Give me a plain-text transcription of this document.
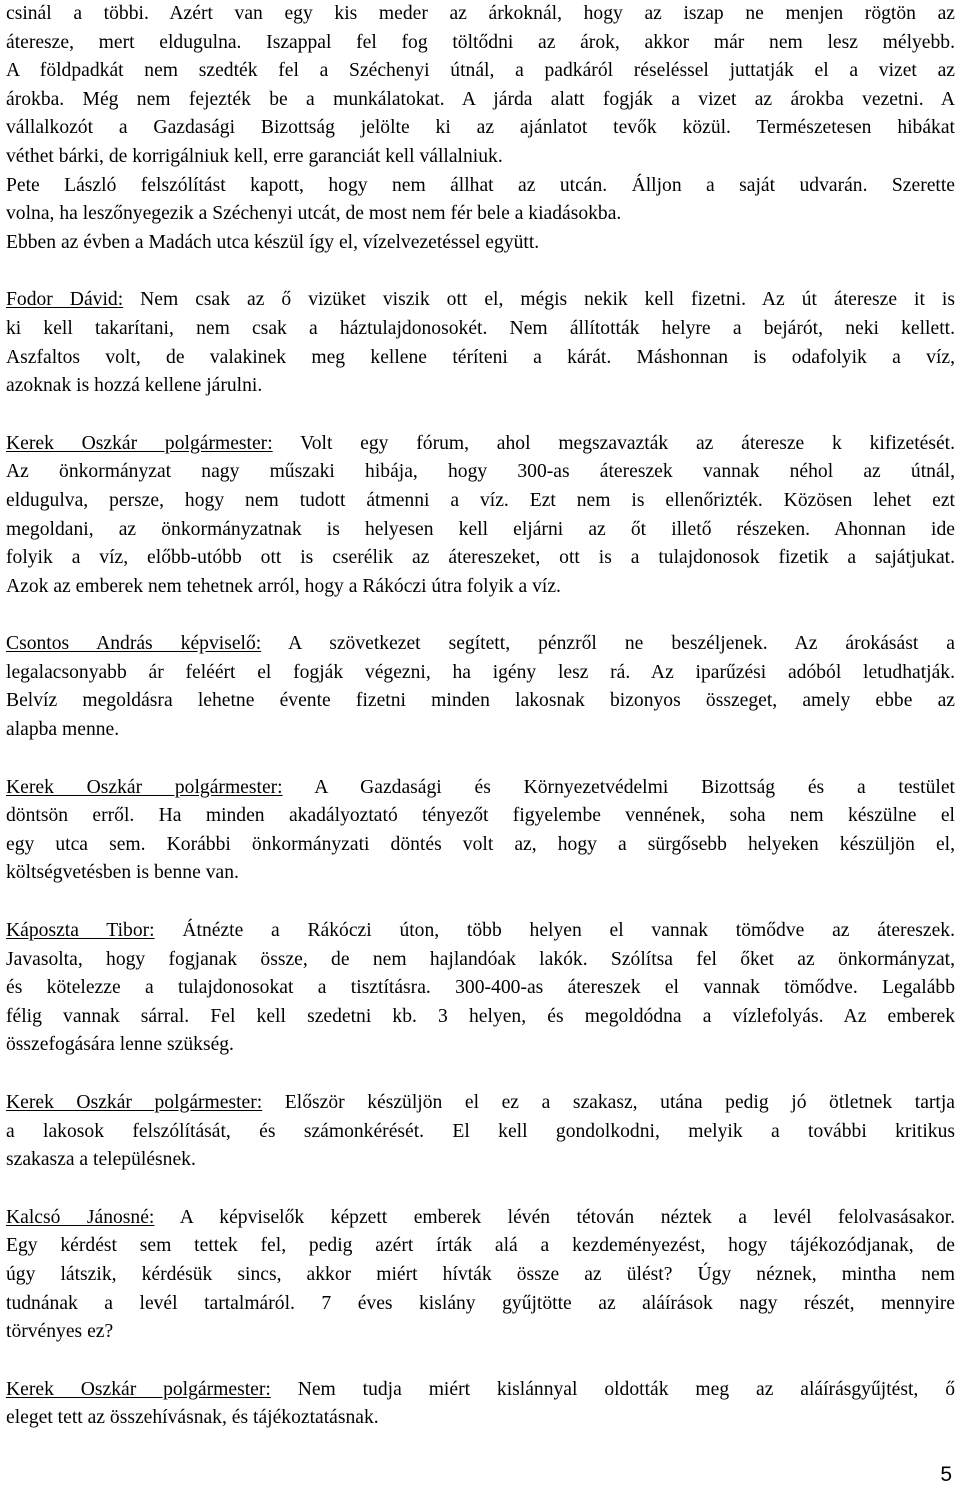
csinál a többi. Azért van egy kis meder az árkoknál, hogy az iszap ne menjen rögtön az
áteresze, mert eldugulna. Iszappal fel fog töltődni az árok, akkor már nem lesz mélyebb.
A földpadkát nem szedték fel a Széchenyi útnál, a padkáról réseléssel juttatják el a vizet az
árokba. Még nem fejezték be a munkálatokat. A járda alatt fogják a vizet az árokba vezetni. A
vállalkozót a Gazdasági Bizottság jelölte ki az ajánlatot tevők közül. Természetesen hibákat
véthet bárki, de korrigálniuk kell, erre garanciát kell vállalniuk.
Pete László felszólítást kapott, hogy nem állhat az utcán. Álljon a saját udvarán. Szerette
volna, ha leszőnyegezik a Széchenyi utcát, de most nem fér bele a kiadásokba.
Ebben az évben a Madách utca készül így el, vízelvezetéssel együtt.
Fodor Dávid: Nem csak az ő vizüket viszik ott el, mégis nekik kell fizetni. Az út áteresze it is
ki kell takarítani, nem csak a háztulajdonosokét. Nem állították helyre a bejárót, neki kellett.
Aszfaltos volt, de valakinek meg kellene téríteni a kárát. Máshonnan is odafolyik a víz,
azoknak is hozzá kellene járulni.
Kerek Oszkár polgármester: Volt egy fórum, ahol megszavazták az áteresze k kifizetését.
Az önkormányzat nagy műszaki hibája, hogy 300-as átereszek vannak néhol az útnál,
eldugulva, persze, hogy nem tudott átmenni a víz. Ezt nem is ellenőrizték. Közösen lehet ezt
megoldani, az önkormányzatnak is helyesen kell eljárni az őt illető részeken. Ahonnan ide
folyik a víz, előbb-utóbb ott is cserélik az átereszeket, ott is a tulajdonosok fizetik a sajátjukat.
Azok az emberek nem tehetnek arról, hogy a Rákóczi útra folyik a víz.
Csontos András képviselő: A szövetkezet segített, pénzről ne beszéljenek. Az árokásást a
legalacsonyabb ár feléért el fogják végezni, ha igény lesz rá. Az iparűzési adóból letudhatják.
Belvíz megoldásra lehetne évente fizetni minden lakosnak bizonyos összeget, amely ebbe az
alapba menne.
Kerek Oszkár polgármester: A Gazdasági és Környezetvédelmi Bizottság és a testület
döntsön erről. Ha minden akadályoztató tényezőt figyelembe vennének, soha nem készülne el
egy utca sem. Korábbi önkormányzati döntés volt az, hogy a sürgősebb helyeken készüljön el,
költségvetésben is benne van.
Káposzta Tibor: Átnézte a Rákóczi úton, több helyen el vannak tömődve az átereszek.
Javasolta, hogy fogjanak össze, de nem hajlandóak lakók. Szólítsa fel őket az önkormányzat,
és kötelezze a tulajdonosokat a tisztításra. 300-400-as átereszek el vannak tömődve. Legalább
félig vannak sárral. Fel kell szedetni kb. 3 helyen, és megoldódna a vízlefolyás. Az emberek
összefogására lenne szükség.
Kerek Oszkár polgármester: Először készüljön el ez a szakasz, utána pedig jó ötletnek tartja
a lakosok felszólítását, és számonkérését. El kell gondolkodni, melyik a további kritikus
szakasza a településnek.
Kalcsó Jánosné: A képviselők képzett emberek lévén tétován néztek a levél felolvasásakor.
Egy kérdést sem tettek fel, pedig azért írták alá a kezdeményezést, hogy tájékozódjanak, de
úgy látszik, kérdésük sincs, akkor miért hívták össze az ülést? Úgy néznek, mintha nem
tudnának a levél tartalmáról. 7 éves kislány gyűjtötte az aláírások nagy részét, mennyire
törvényes ez?
Kerek Oszkár polgármester: Nem tudja miért kislánnyal oldották meg az aláírásgyűjtést, ő
eleget tett az összehívásnak, és tájékoztatásnak.
5
